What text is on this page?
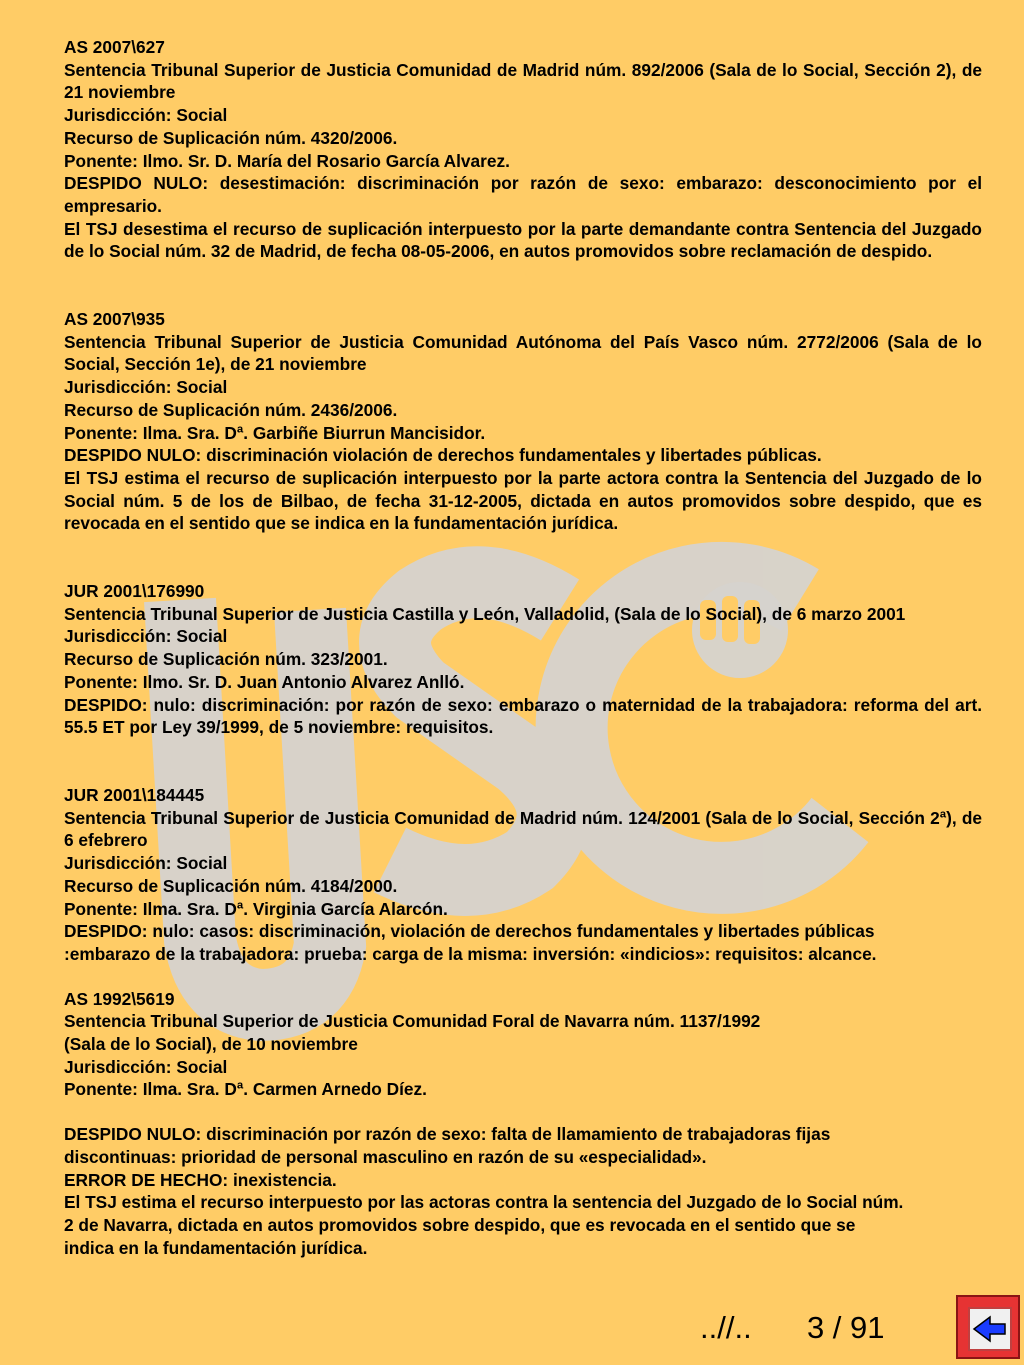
AS 2007\627
Sentencia Tribunal Superior de Justicia Comunidad de Madrid núm. 892/2006 (Sala de lo Social, Sección 2), de 21 noviembre
Jurisdicción: Social
Recurso de Suplicación núm. 4320/2006.
Ponente: Ilmo. Sr. D. María del Rosario García Alvarez.
DESPIDO NULO: desestimación: discriminación por razón de sexo: embarazo: desconocimiento por el empresario.
El TSJ desestima el recurso de suplicación interpuesto por la parte demandante contra Sentencia del Juzgado de lo Social núm. 32 de Madrid, de fecha 08-05-2006, en autos promovidos sobre reclamación de despido.
AS 2007\935
Sentencia Tribunal Superior de Justicia Comunidad Autónoma del País Vasco núm. 2772/2006 (Sala de lo Social, Sección 1e), de 21 noviembre
Jurisdicción: Social
Recurso de Suplicación núm. 2436/2006.
Ponente: Ilma. Sra. Dª. Garbiñe Biurrun Mancisidor.
DESPIDO NULO: discriminación violación de derechos fundamentales y libertades públicas.
El TSJ estima el recurso de suplicación interpuesto por la parte actora contra la Sentencia del Juzgado de lo Social núm. 5 de los de Bilbao, de fecha 31-12-2005, dictada en autos promovidos sobre despido, que es revocada en el sentido que se indica en la fundamentación jurídica.
JUR 2001\176990
Sentencia Tribunal Superior de Justicia Castilla y León, Valladolid, (Sala de lo Social), de 6 marzo 2001
Jurisdicción: Social
Recurso de Suplicación núm. 323/2001.
Ponente: Ilmo. Sr. D. Juan Antonio Alvarez Anlló.
DESPIDO: nulo: discriminación: por razón de sexo: embarazo o maternidad de la trabajadora: reforma del art. 55.5 ET por Ley 39/1999, de 5 noviembre: requisitos.
JUR 2001\184445
Sentencia Tribunal Superior de Justicia Comunidad de Madrid núm. 124/2001 (Sala de lo Social, Sección 2ª), de 6 efebrero
Jurisdicción: Social
Recurso de Suplicación núm. 4184/2000.
Ponente: Ilma. Sra. Dª. Virginia García Alarcón.
DESPIDO: nulo: casos: discriminación, violación de derechos fundamentales y libertades públicas
:embarazo de la trabajadora: prueba: carga de la misma: inversión: «indicios»: requisitos: alcance.
AS 1992\5619
Sentencia Tribunal Superior de Justicia Comunidad Foral de Navarra núm. 1137/1992
(Sala de lo Social), de 10 noviembre
Jurisdicción: Social
Ponente: Ilma. Sra. Dª. Carmen Arnedo Díez.
DESPIDO NULO: discriminación por razón de sexo: falta de llamamiento de trabajadoras fijas
discontinuas: prioridad de personal masculino en razón de su «especialidad».
ERROR DE HECHO: inexistencia.
El TSJ estima el recurso interpuesto por las actoras contra la sentencia del Juzgado de lo Social núm.
2 de Navarra, dictada en autos promovidos sobre despido, que es revocada en el sentido que se
indica en la fundamentación jurídica.
..//.. 3 / 91
